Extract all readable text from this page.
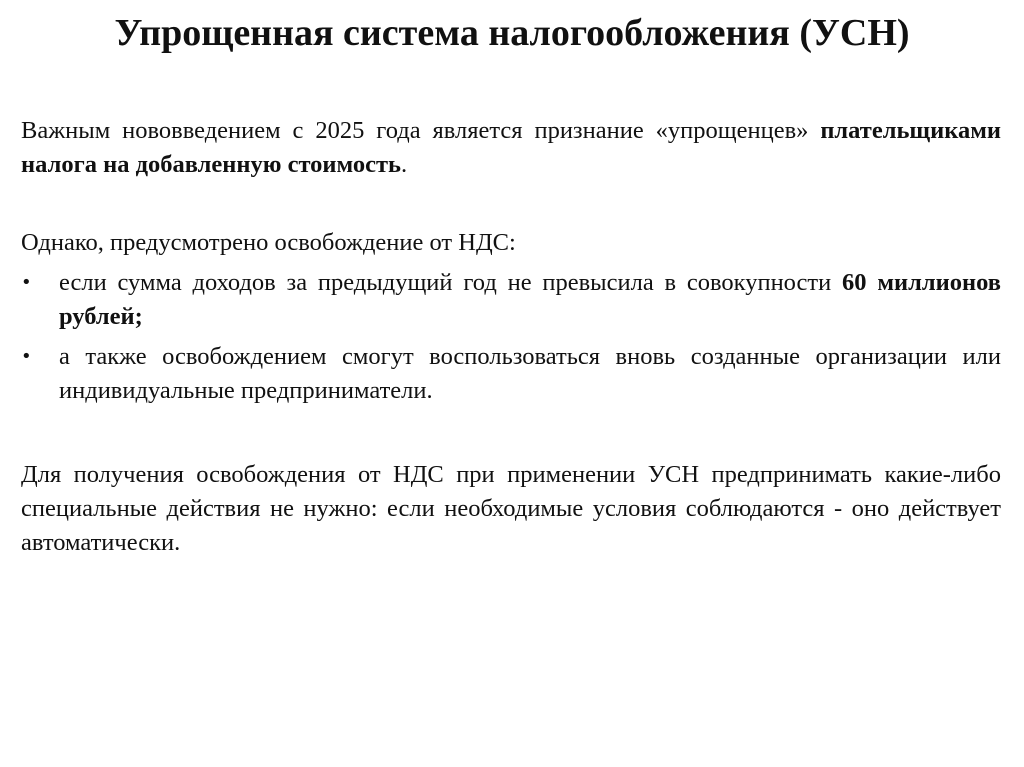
Упрощенная система налогообложения (УСН)

Важным нововведением с 2025 года является признание «упрощенцев» плательщиками налога на добавленную стоимость.

Однако, предусмотрено освобождение от НДС:

•	если сумма доходов за предыдущий год не превысила в совокупности 60 миллионов рублей;
•	а также освобождением смогут воспользоваться вновь созданные организации или индивидуальные предприниматели.

Для получения освобождения от НДС при применении УСН предпринимать какие-либо специальные действия не нужно: если необходимые условия соблюдаются - оно действует автоматически.
